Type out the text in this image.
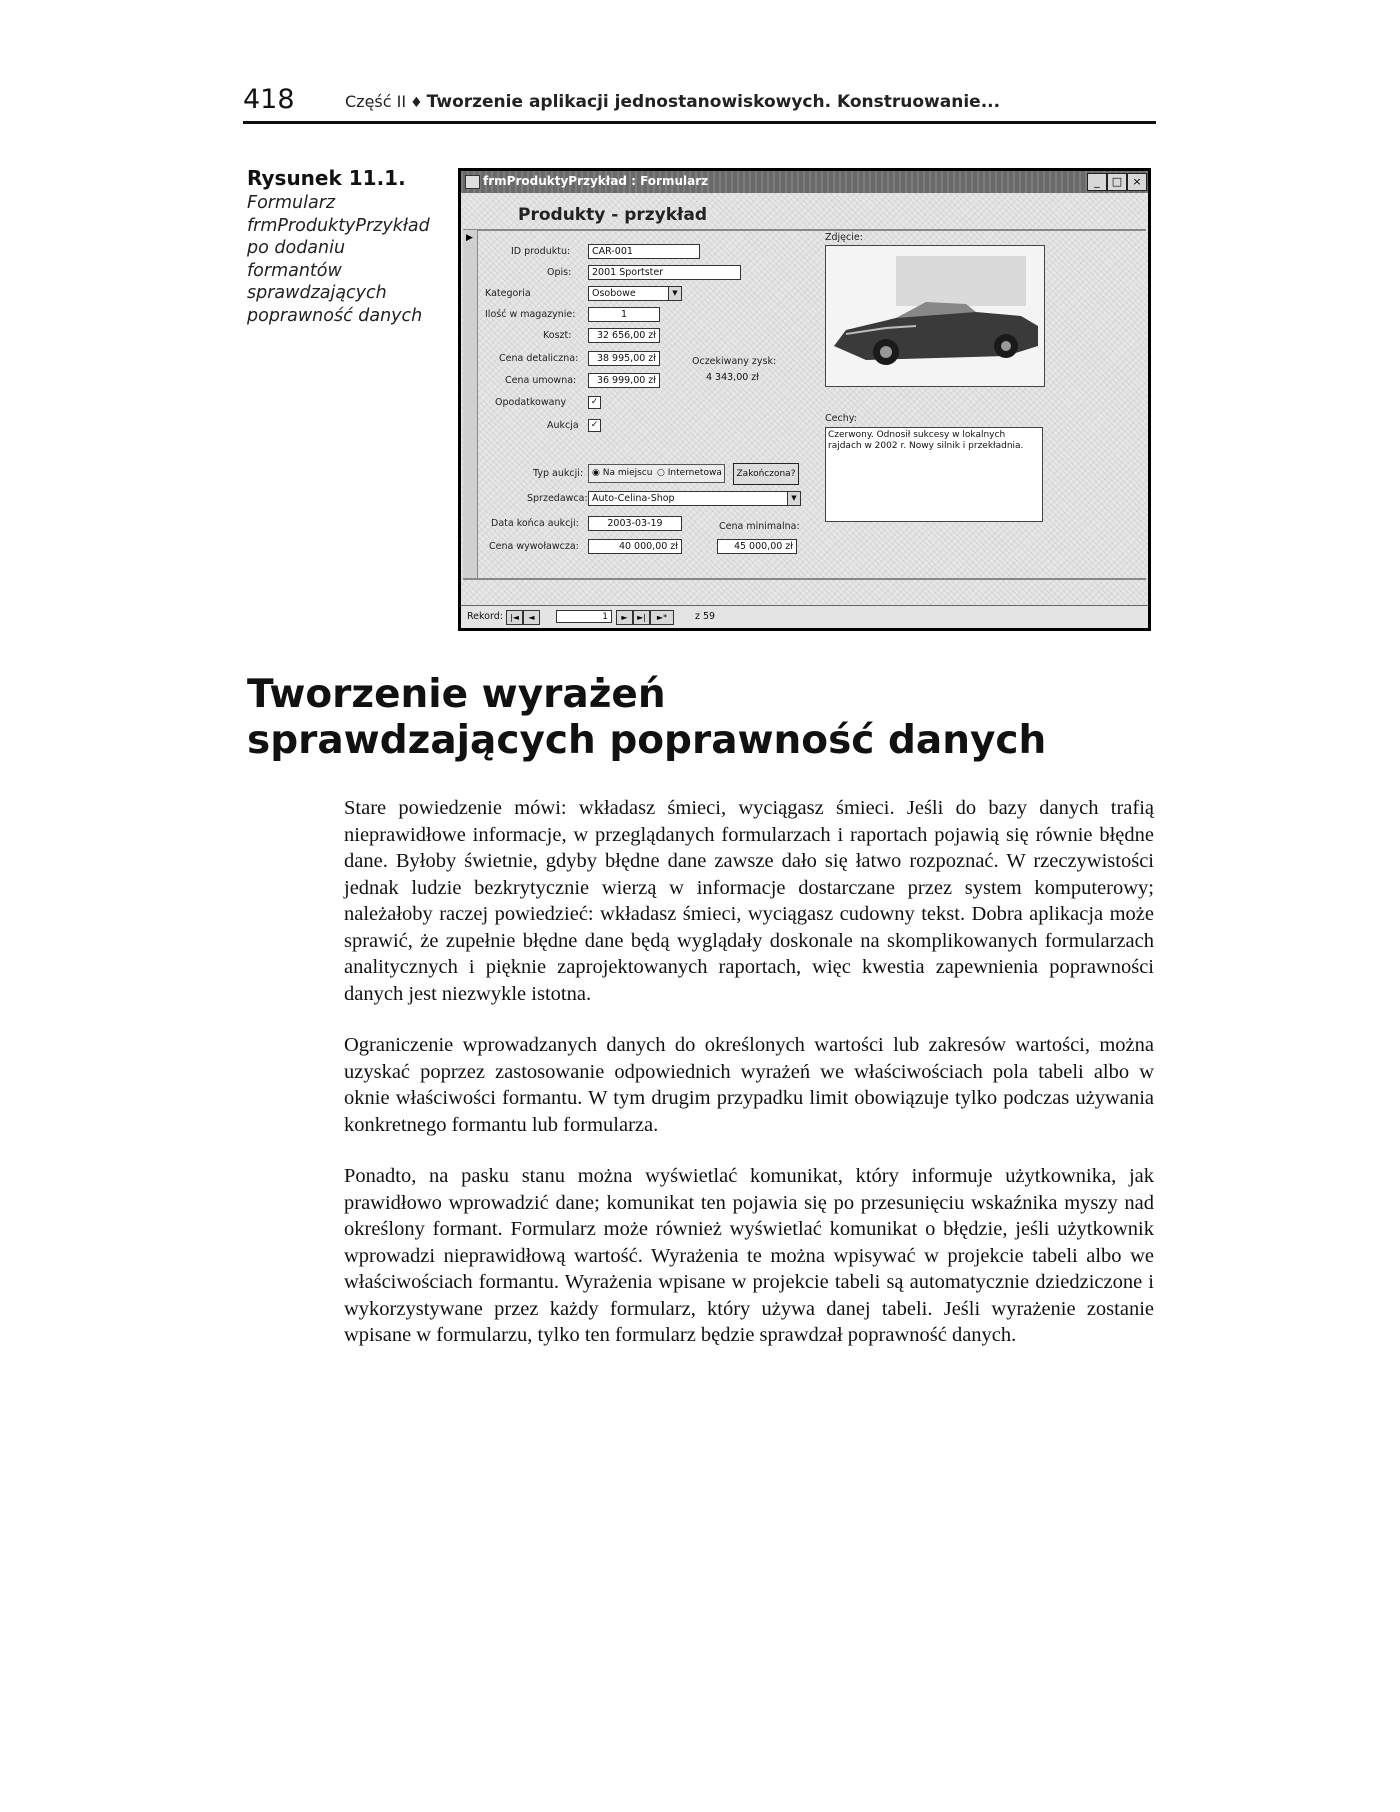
418	Część II ♦ Tworzenie aplikacji jednostanowiskowych. Konstruowanie...
Rysunek 11.1.
Formularz frmProduktyPrzykład po dodaniu formantów sprawdzających poprawność danych
frmProduktyPrzykład : Formularz	_	□ ×
Produkty - przykład
▶
ID produktu:	CAR-001
Opis:	2001 Sportster
Kategoria	Osobowe	▼
Ilość w magazynie:	1
Koszt:	32 656,00 zł
Cena detaliczna:	38 995,00 zł
Cena umowna:	36 999,00 zł
Oczekiwany zysk:
4 343,00 zł
Opodatkowany	✓
Aukcja	✓
Typ aukcji: ◉ Na miejscu ○ Internetowa	Zakończona?
Sprzedawca: Auto-Celina-Shop	▼
Data końca aukcji:	2003-03-19	Cena minimalna:
Cena wywoławcza:	40 000,00 zł	45 000,00 zł
Zdjęcie:
Cechy:
Czerwony. Odnosił sukcesy w lokalnych rajdach w 2002 r. Nowy silnik i przekładnia.
Rekord: |◄	◄	1	►	►|	►*	z 59
Tworzenie wyrażeń
sprawdzających poprawność danych

Stare powiedzenie mówi: wkładasz śmieci, wyciągasz śmieci. Jeśli do bazy danych trafią nieprawidłowe informacje, w przeglądanych formularzach i raportach pojawią się równie błędne dane. Byłoby świetnie, gdyby błędne dane zawsze dało się łatwo rozpoznać. W rzeczywistości jednak ludzie bezkrytycznie wierzą w informacje dostarczane przez system komputerowy; należałoby raczej powiedzieć: wkładasz śmieci, wyciągasz cudowny tekst. Dobra aplikacja może sprawić, że zupełnie błędne dane będą wyglądały doskonale na skomplikowanych formularzach analitycznych i pięknie zaprojektowanych raportach, więc kwestia zapewnienia poprawności danych jest niezwykle istotna.

Ograniczenie wprowadzanych danych do określonych wartości lub zakresów wartości, można uzyskać poprzez zastosowanie odpowiednich wyrażeń we właściwościach pola tabeli albo w oknie właściwości formantu. W tym drugim przypadku limit obowiązuje tylko podczas używania konkretnego formantu lub formularza.

Ponadto, na pasku stanu można wyświetlać komunikat, który informuje użytkownika, jak prawidłowo wprowadzić dane; komunikat ten pojawia się po przesunięciu wskaźnika myszy nad określony formant. Formularz może również wyświetlać komunikat o błędzie, jeśli użytkownik wprowadzi nieprawidłową wartość. Wyrażenia te można wpisywać w projekcie tabeli albo we właściwościach formantu. Wyrażenia wpisane w projekcie tabeli są automatycznie dziedziczone i wykorzystywane przez każdy formularz, który używa danej tabeli. Jeśli wyrażenie zostanie wpisane w formularzu, tylko ten formularz będzie sprawdzał poprawność danych.
